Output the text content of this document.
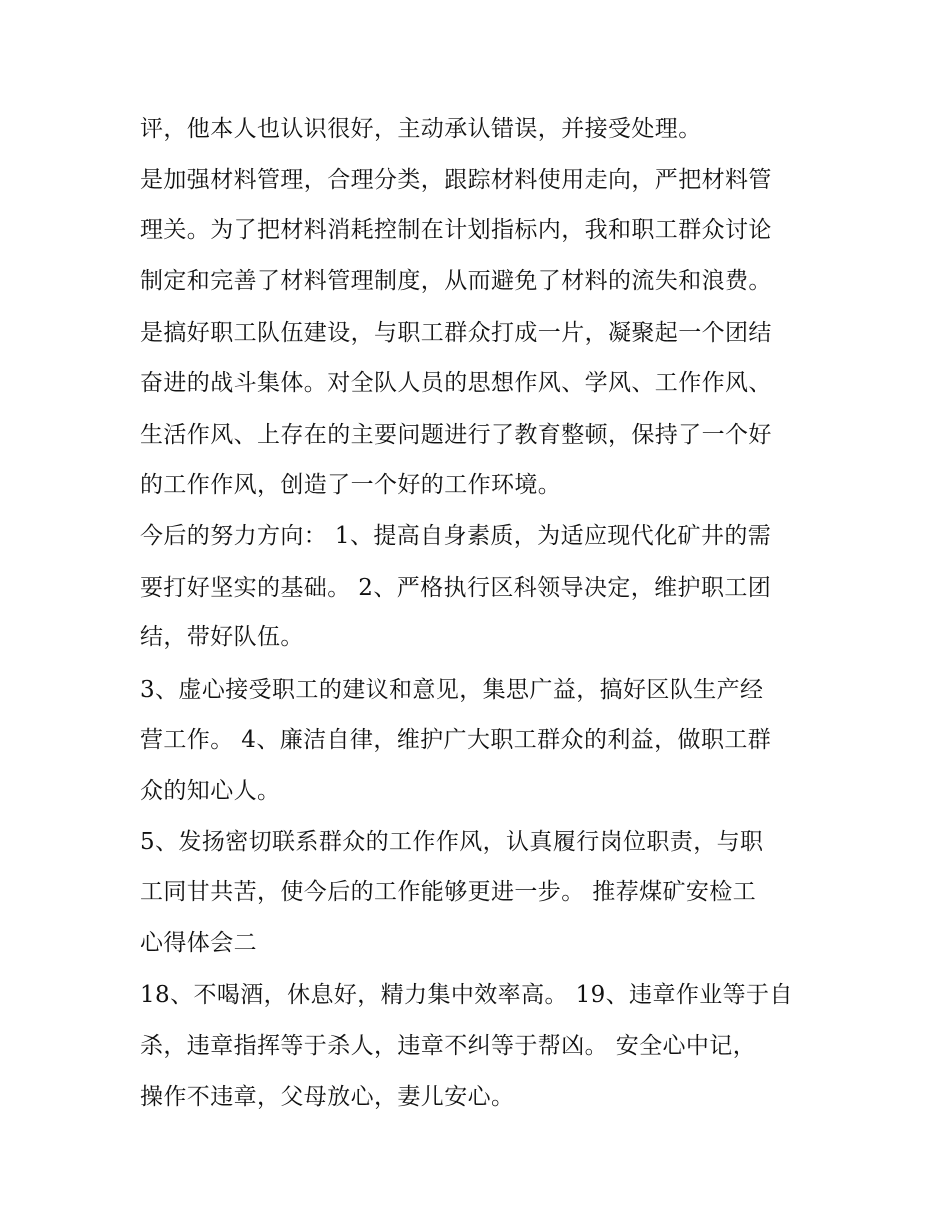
评，他本人也认识很好，主动承认错误，并接受处理。
是加强材料管理，合理分类，跟踪材料使用走向，严把材料管
理关。为了把材料消耗控制在计划指标内，我和职工群众讨论
制定和完善了材料管理制度，从而避免了材料的流失和浪费。
是搞好职工队伍建设，与职工群众打成一片，凝聚起一个团结
奋进的战斗集体。对全队人员的思想作风、学风、工作作风、
生活作风、上存在的主要问题进行了教育整顿，保持了一个好
的工作作风，创造了一个好的工作环境。
今后的努力方向： 1、提高自身素质，为适应现代化矿井的需
要打好坚实的基础。 2、严格执行区科领导决定，维护职工团
结，带好队伍。
3、虚心接受职工的建议和意见，集思广益，搞好区队生产经
营工作。 4、廉洁自律，维护广大职工群众的利益，做职工群
众的知心人。
5、发扬密切联系群众的工作作风，认真履行岗位职责，与职
工同甘共苦，使今后的工作能够更进一步。 推荐煤矿安检工
心得体会二
18、不喝酒，休息好，精力集中效率高。 19、违章作业等于自
杀，违章指挥等于杀人，违章不纠等于帮凶。 安全心中记，
操作不违章，父母放心，妻儿安心。
